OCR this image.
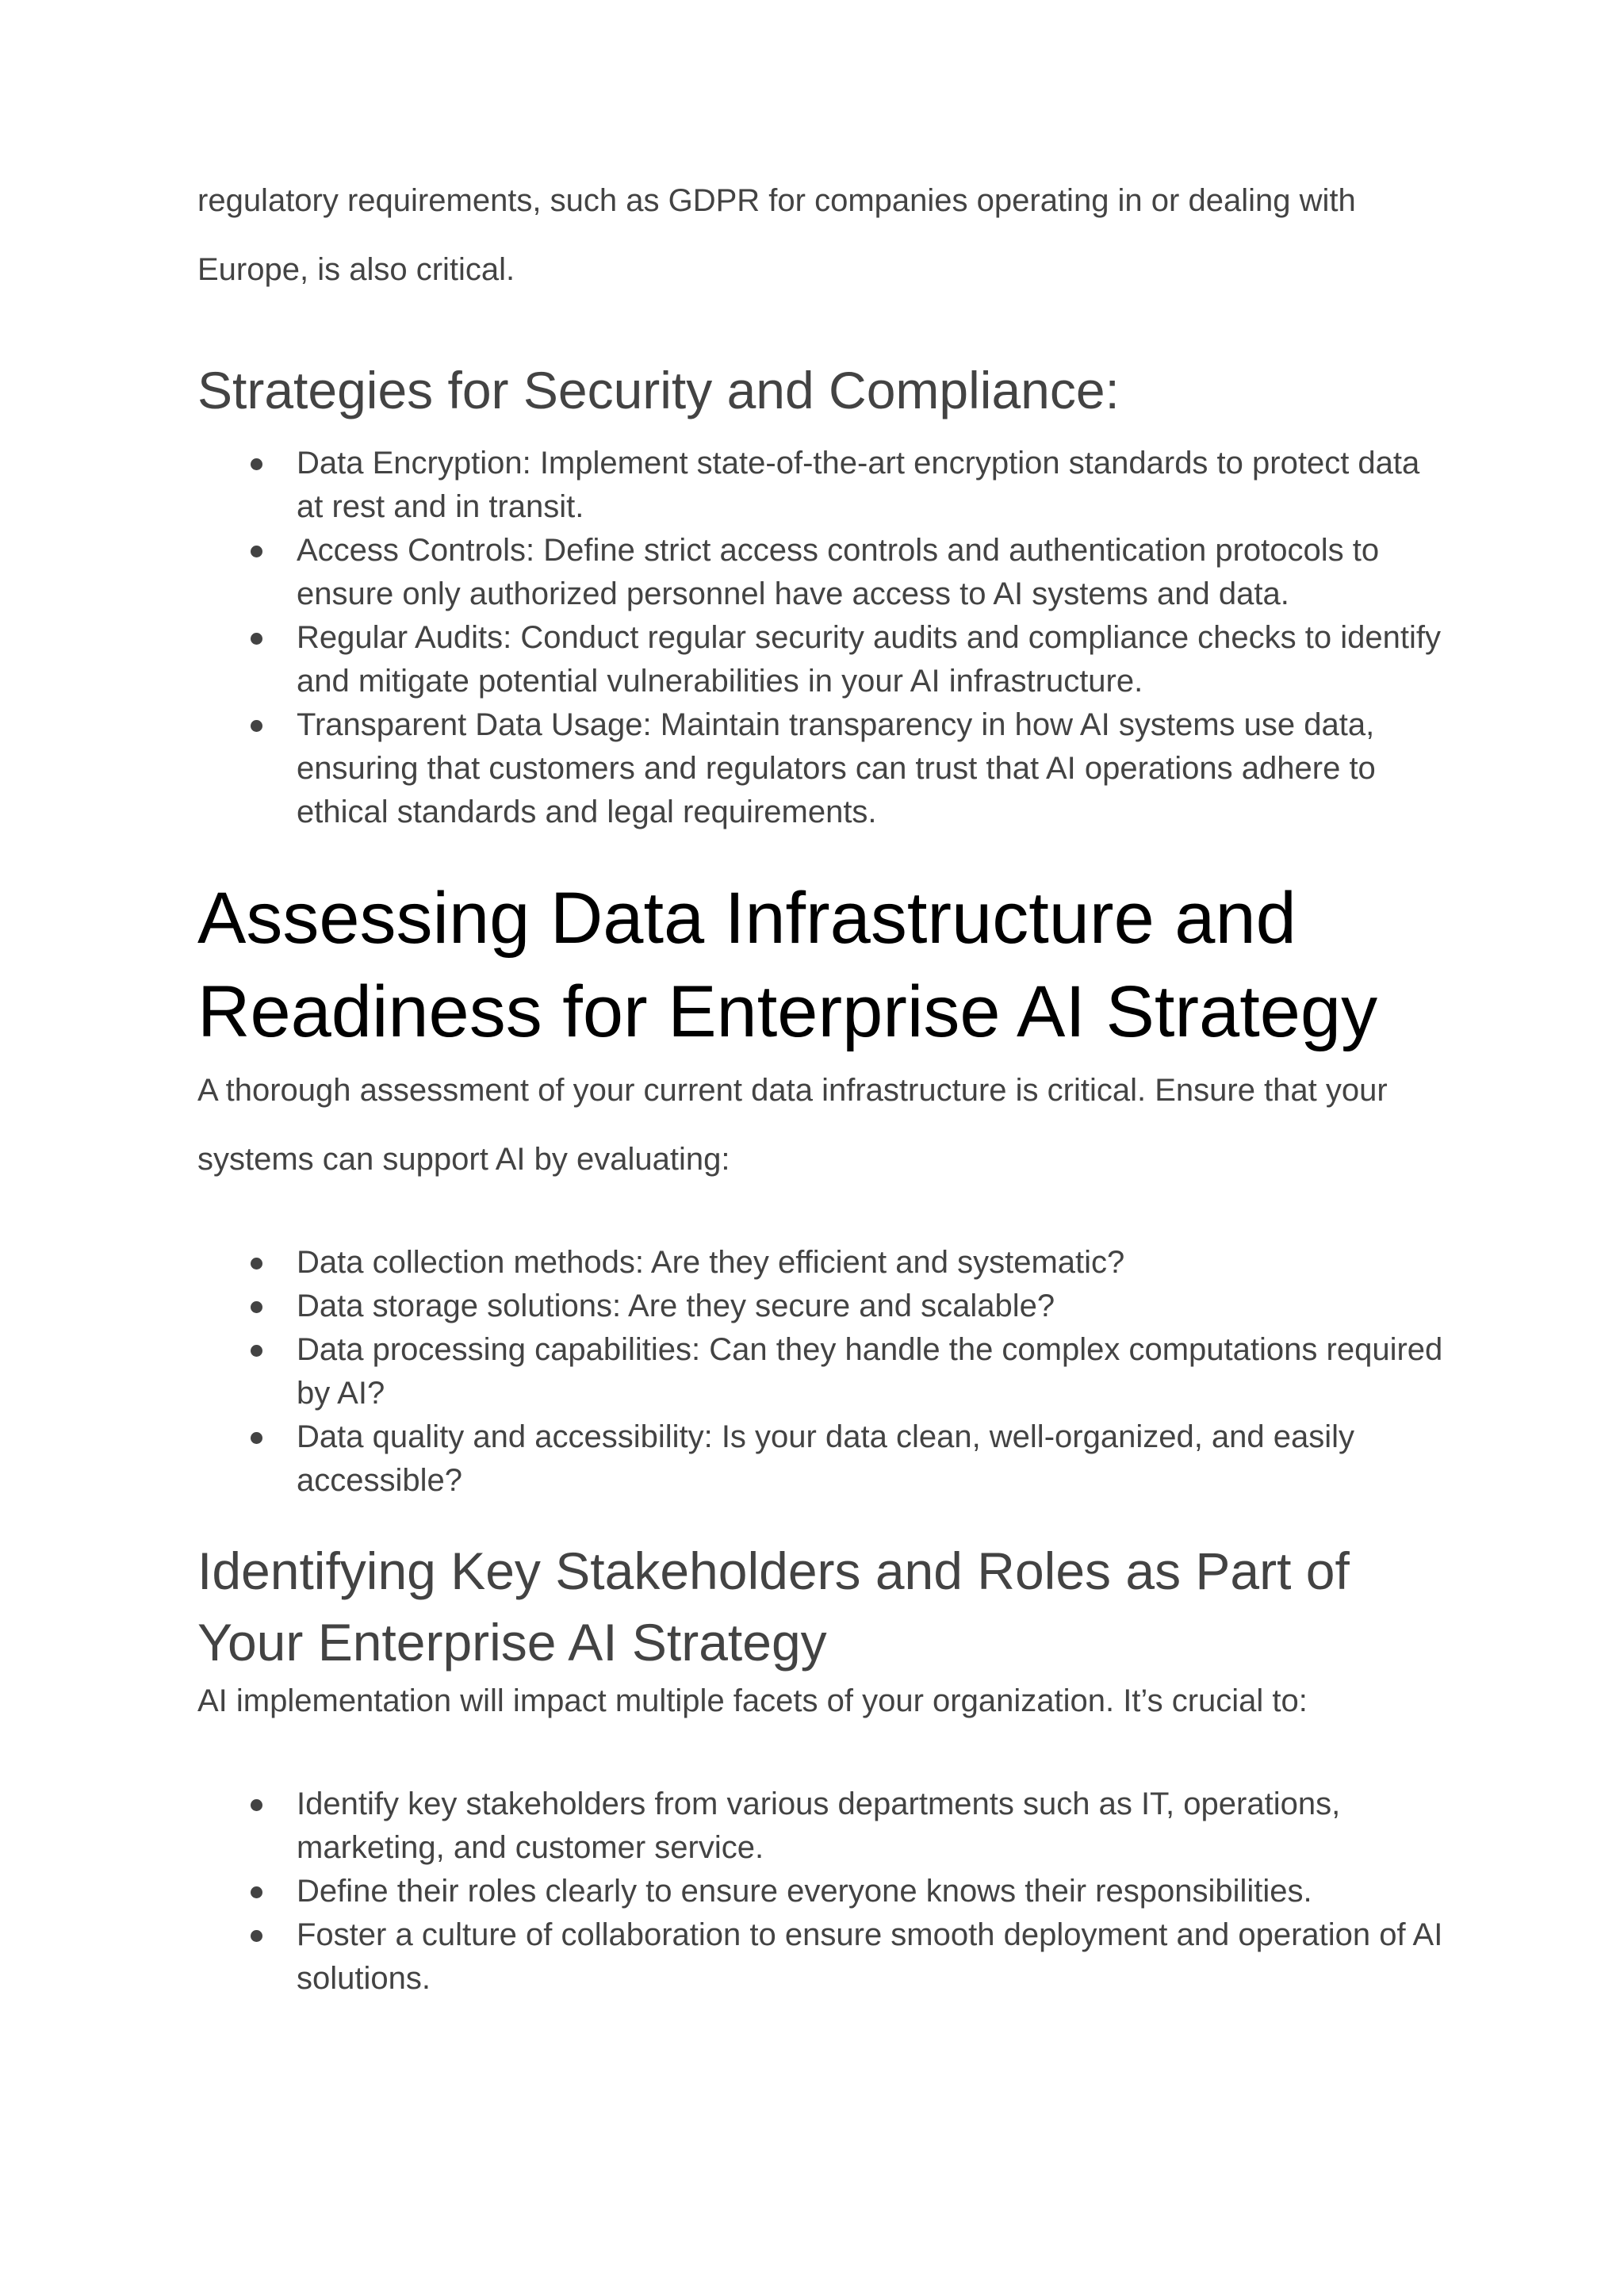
regulatory requirements, such as GDPR for companies operating in or dealing with Europe, is also critical.

Strategies for Security and Compliance:
Data Encryption: Implement state-of-the-art encryption standards to protect data at rest and in transit.
Access Controls: Define strict access controls and authentication protocols to ensure only authorized personnel have access to AI systems and data.
Regular Audits: Conduct regular security audits and compliance checks to identify and mitigate potential vulnerabilities in your AI infrastructure.
Transparent Data Usage: Maintain transparency in how AI systems use data, ensuring that customers and regulators can trust that AI operations adhere to ethical standards and legal requirements.
Assessing Data Infrastructure and Readiness for Enterprise AI Strategy

A thorough assessment of your current data infrastructure is critical. Ensure that your systems can support AI by evaluating:

Data collection methods: Are they efficient and systematic?
Data storage solutions: Are they secure and scalable?
Data processing capabilities: Can they handle the complex computations required by AI?
Data quality and accessibility: Is your data clean, well-organized, and easily accessible?
Identifying Key Stakeholders and Roles as Part of Your Enterprise AI Strategy

AI implementation will impact multiple facets of your organization. It’s crucial to:

Identify key stakeholders from various departments such as IT, operations, marketing, and customer service.
Define their roles clearly to ensure everyone knows their responsibilities.
Foster a culture of collaboration to ensure smooth deployment and operation of AI solutions.
